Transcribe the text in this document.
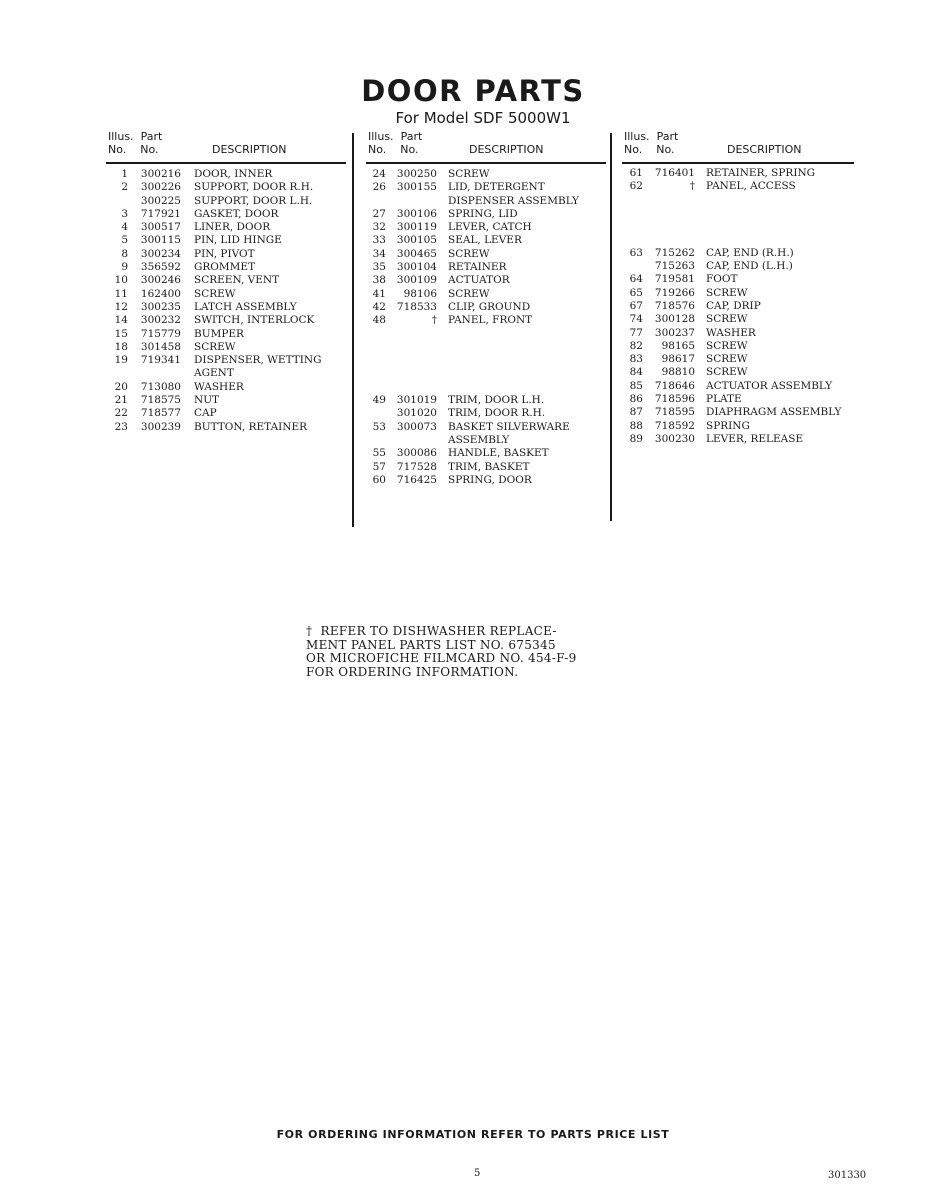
DOOR PARTS
For Model SDF 5000W1
Illus. Part
No. No.	DESCRIPTION
Illus. Part
No. No.	DESCRIPTION
Illus. Part
No. No.	DESCRIPTION
1	300216 DOOR, INNER
2	300226 SUPPORT, DOOR R.H.
300225 SUPPORT, DOOR L.H.
3	717921 GASKET, DOOR
4	300517 LINER, DOOR
5	300115 PIN, LID HINGE
8	300234 PIN, PIVOT
9	356592 GROMMET
10	300246 SCREEN, VENT
11	162400 SCREW
12	300235 LATCH ASSEMBLY
14	300232 SWITCH, INTERLOCK
15	715779 BUMPER
18	301458 SCREW
19	719341 DISPENSER, WETTING
AGENT
20	713080 WASHER
21	718575 NUT
22	718577 CAP
23	300239 BUTTON, RETAINER
24	300250 SCREW
26	300155 LID, DETERGENT
DISPENSER ASSEMBLY
27	300106 SPRING, LID
32	300119 LEVER, CATCH
33	300105 SEAL, LEVER
34	300465 SCREW
35	300104 RETAINER
38	300109 ACTUATOR
41	98106 SCREW
42	718533 CLIP, GROUND
48	† PANEL, FRONT
49	301019 TRIM, DOOR L.H.
301020 TRIM, DOOR R.H.
53	300073 BASKET SILVERWARE
ASSEMBLY
55	300086 HANDLE, BASKET
57	717528 TRIM, BASKET
60	716425 SPRING, DOOR
61	716401 RETAINER, SPRING
62	† PANEL, ACCESS
63	715262 CAP, END (R.H.)
715263 CAP, END (L.H.)
64	719581 FOOT
65	719266 SCREW
67	718576 CAP, DRIP
74	300128 SCREW
77	300237 WASHER
82	98165 SCREW
83	98617 SCREW
84	98810 SCREW
85	718646 ACTUATOR ASSEMBLY
86	718596 PLATE
87	718595 DIAPHRAGM ASSEMBLY
88	718592 SPRING
89	300230 LEVER, RELEASE
†  REFER TO DISHWASHER REPLACE-
MENT PANEL PARTS LIST NO. 675345
OR MICROFICHE FILMCARD NO. 454-F-9
FOR ORDERING INFORMATION.
FOR ORDERING INFORMATION REFER TO PARTS PRICE LIST
5	301330
